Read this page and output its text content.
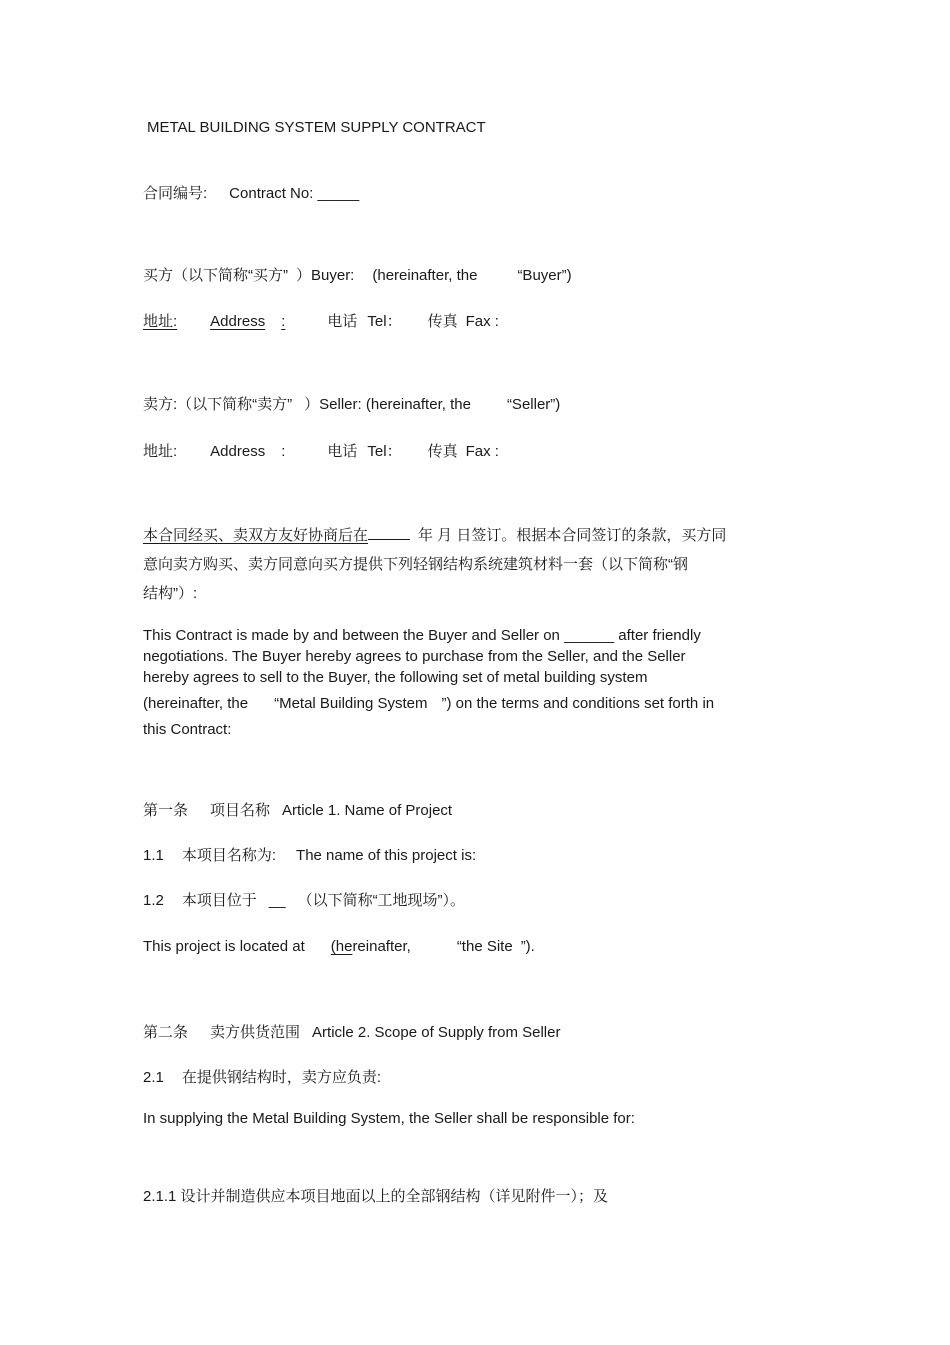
METAL BUILDING SYSTEM SUPPLY CONTRACT
合同编号: Contract No: _____
买方（以下简称“买方” ）Buyer: (hereinafter, the	“Buyer”)
地址: Address :	电话 Tel： 传真 Fax :
卖方:（以下简称“卖方” ）Seller: (hereinafter, the “Seller”)
地址: Address :	电话 Tel： 传真 Fax :
本合同经买、卖双方友好协商后在	年 月 日签订。根据本合同签订的条款，买方同
意向卖方购买、卖方同意向买方提供下列轻钢结构系统建筑材料一套（以下简称“钢
结构”）:
This Contract is made by and between the Buyer and Seller on ______ after friendly
negotiations. The Buyer hereby agrees to purchase from the Seller, and the Seller
hereby agrees to sell to the Buyer, the following set of metal building system
(hereinafter, the “Metal Building System ”) on the terms and conditions set forth in
this Contract:
第一条 项目名称 Article 1. Name of Project
1.1 本项目名称为: The name of this project is:
1.2 本项目位于 __ （以下简称“工地现场”）。
This project is located at (hereinafter,	“the Site ”).
第二条 卖方供货范围 Article 2. Scope of Supply from Seller
2.1 在提供钢结构时，卖方应负责:
In supplying the Metal Building System, the Seller shall be responsible for:
2.1.1 设计并制造供应本项目地面以上的全部钢结构（详见附件一）；及
